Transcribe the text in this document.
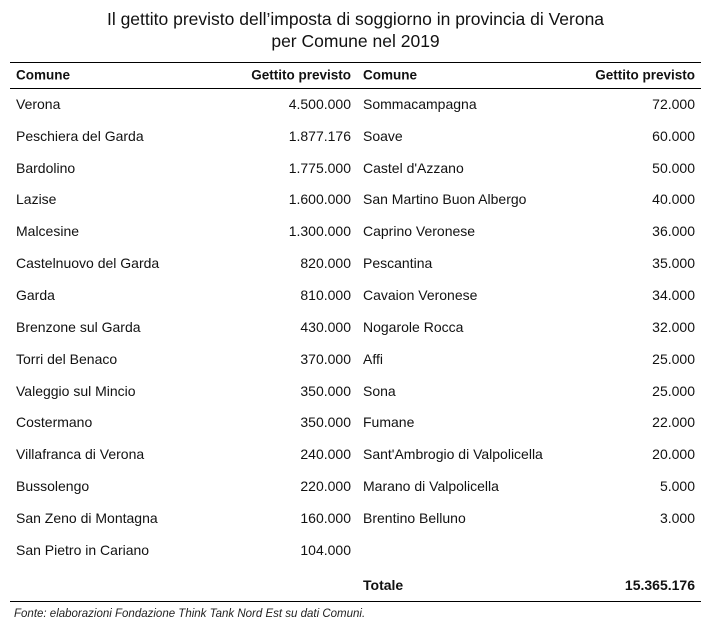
Il gettito previsto dell’imposta di soggiorno in provincia di Verona
per Comune nel 2019
Comune	Gettito previsto
Verona	4.500.000
Peschiera del Garda	1.877.176
Bardolino	1.775.000
Lazise	1.600.000
Malcesine	1.300.000
Castelnuovo del Garda	820.000
Garda	810.000
Brenzone sul Garda	430.000
Torri del Benaco	370.000
Valeggio sul Mincio	350.000
Costermano	350.000
Villafranca di Verona	240.000
Bussolengo	220.000
San Zeno di Montagna	160.000
San Pietro in Cariano	104.000
Comune	Gettito previsto
Sommacampagna	72.000
Soave	60.000
Castel d'Azzano	50.000
San Martino Buon Albergo	40.000
Caprino Veronese	36.000
Pescantina	35.000
Cavaion Veronese	34.000
Nogarole Rocca	32.000
Affi	25.000
Sona	25.000
Fumane	22.000
Sant'Ambrogio di Valpolicella	20.000
Marano di Valpolicella	5.000
Brentino Belluno	3.000
Totale	15.365.176
Fonte: elaborazioni Fondazione Think Tank Nord Est su dati Comuni.
